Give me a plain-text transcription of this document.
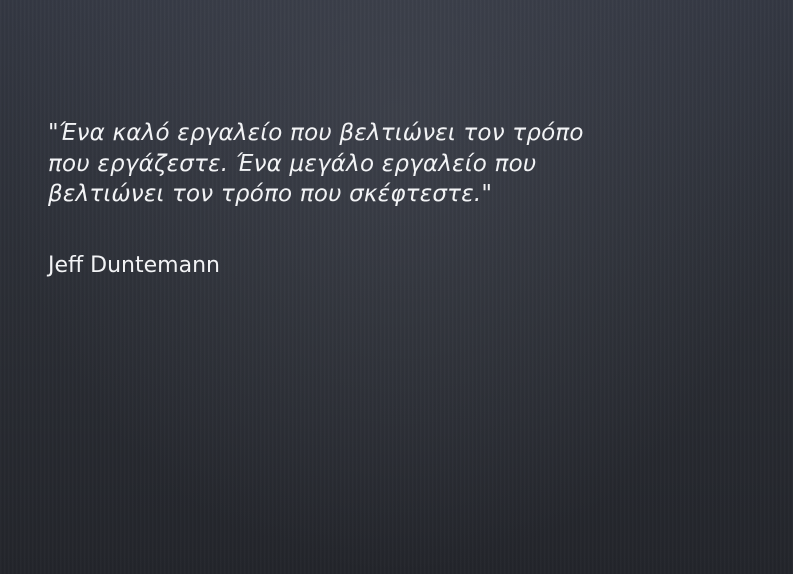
"Ένα καλό εργαλείο που βελτιώνει τον τρόπο
που εργάζεστε. Ένα μεγάλο εργαλείο που
βελτιώνει τον τρόπο που σκέφτεστε."

Jeff Duntemann
